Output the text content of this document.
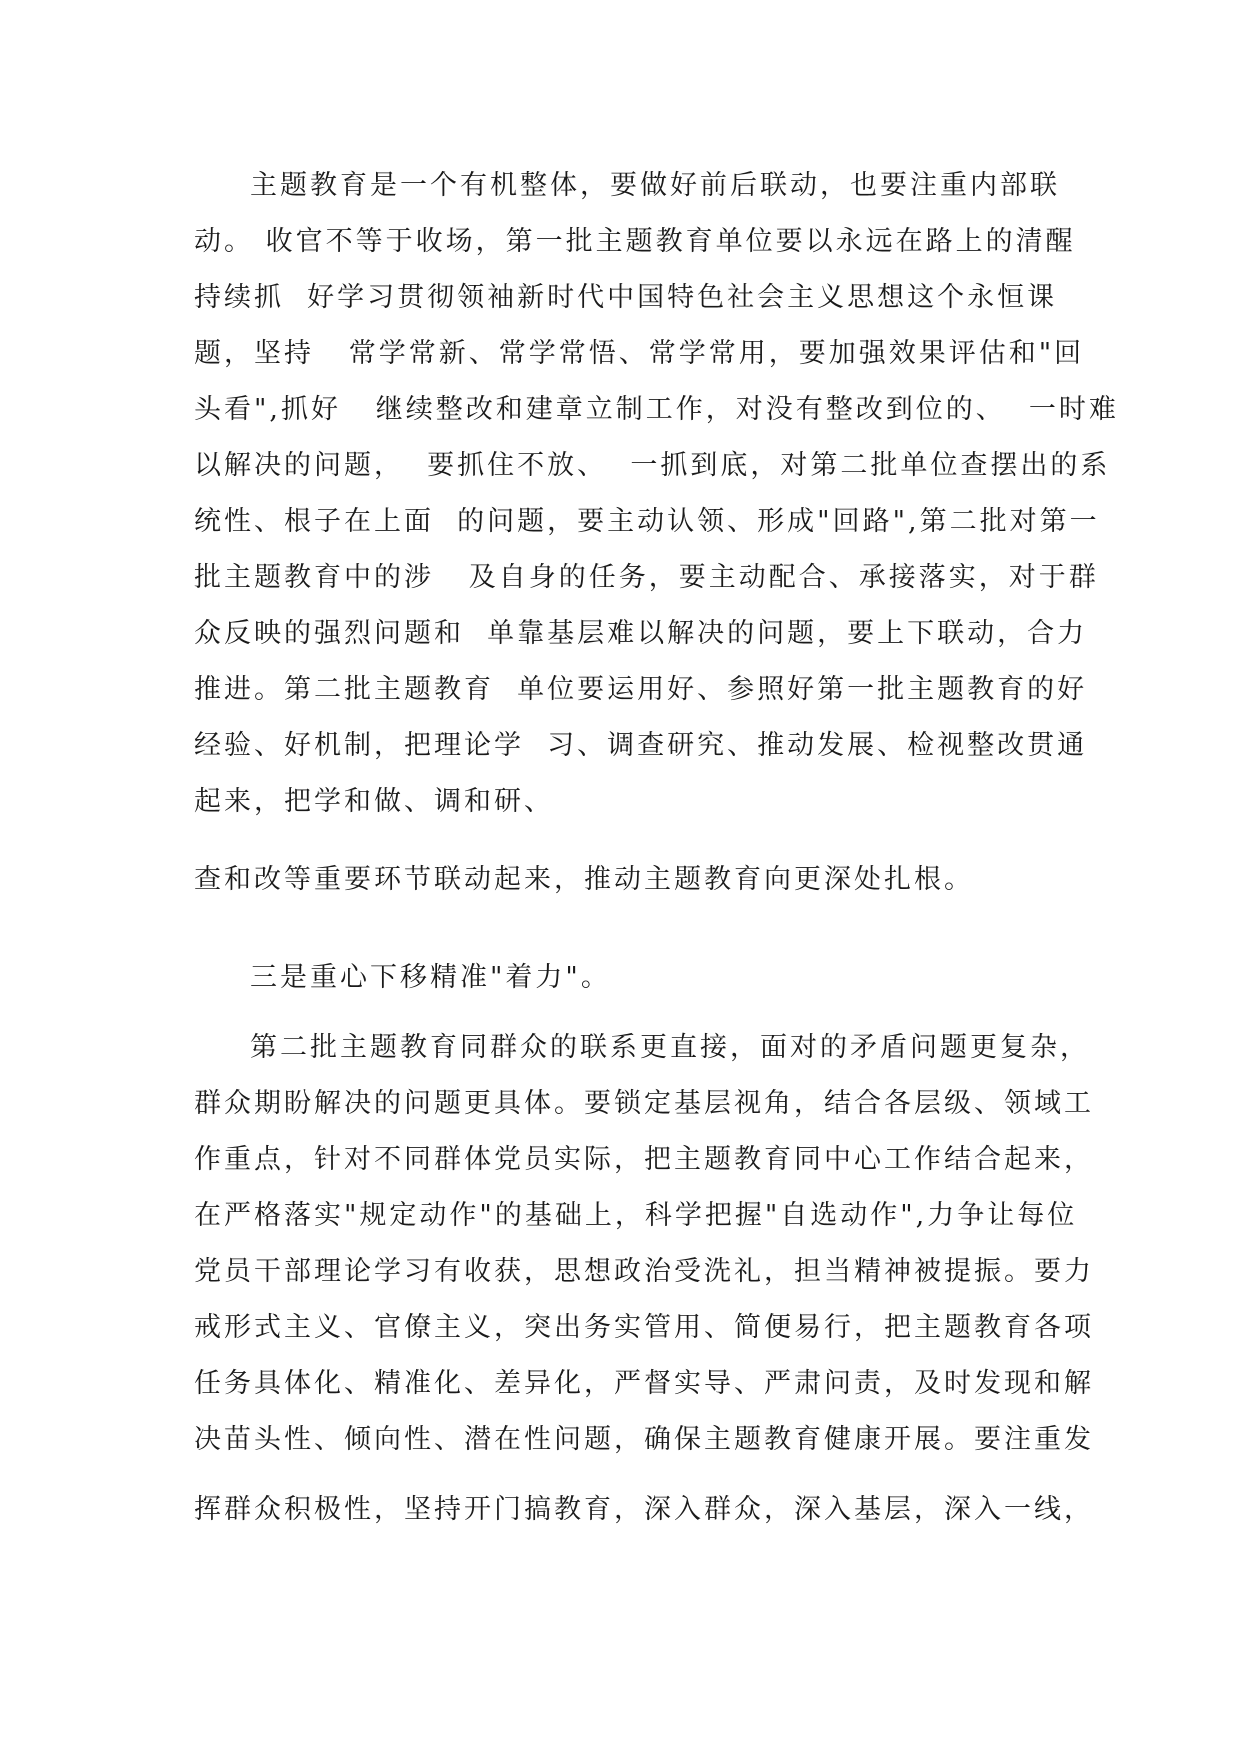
主题教育是一个有机整体，要做好前后联动，也要注重内部联

动。 收官不等于收场，第一批主题教育单位要以永远在路上的清醒

持续抓  好学习贯彻领袖新时代中国特色社会主义思想这个永恒课

题，坚持   常学常新、常学常悟、常学常用，要加强效果评估和"回

头看",抓好   继续整改和建章立制工作，对没有整改到位的、  一时难

以解决的问题，  要抓住不放、  一抓到底，对第二批单位查摆出的系

统性、根子在上面  的问题，要主动认领、形成"回路",第二批对第一

批主题教育中的涉   及自身的任务，要主动配合、承接落实，对于群

众反映的强烈问题和  单靠基层难以解决的问题，要上下联动，合力

推进。第二批主题教育  单位要运用好、参照好第一批主题教育的好

经验、好机制，把理论学  习、调查研究、推动发展、检视整改贯通

起来，把学和做、调和研、

查和改等重要环节联动起来，推动主题教育向更深处扎根。

三是重心下移精准"着力"。

第二批主题教育同群众的联系更直接，面对的矛盾问题更复杂，

群众期盼解决的问题更具体。要锁定基层视角，结合各层级、领域工

作重点，针对不同群体党员实际，把主题教育同中心工作结合起来，

在严格落实"规定动作"的基础上，科学把握"自选动作",力争让每位

党员干部理论学习有收获，思想政治受洗礼，担当精神被提振。要力

戒形式主义、官僚主义，突出务实管用、简便易行，把主题教育各项

任务具体化、精准化、差异化，严督实导、严肃问责，及时发现和解

决苗头性、倾向性、潜在性问题，确保主题教育健康开展。要注重发

挥群众积极性，坚持开门搞教育，深入群众，深入基层，深入一线，
